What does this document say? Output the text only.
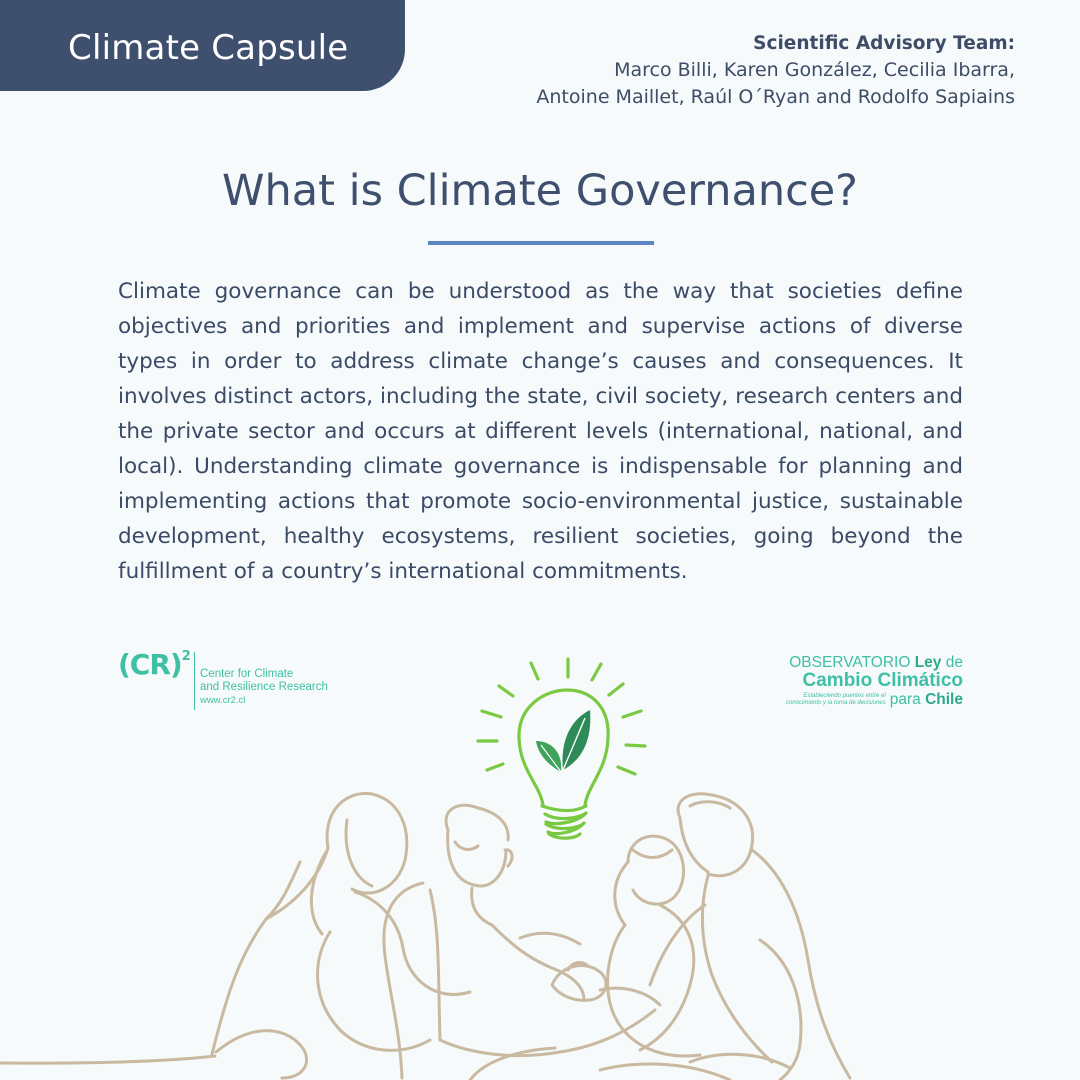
Climate Capsule	Scientific Advisory Team:
Marco Billi, Karen González, Cecilia Ibarra,
Antoine Maillet, Raúl O´Ryan and Rodolfo Sapiains
What is Climate Governance?

Climate governance can be understood as the way that societies define objectives and priorities and implement and supervise actions of diverse types in order to address climate change’s causes and consequences. It involves distinct actors, including the state, civil society, research centers and the private sector and occurs at different levels (international, national, and local). Understanding climate governance is indispensable for planning and implementing actions that promote socio-environmental justice, sustainable development, healthy ecosystems, resilient societies, going beyond the fulfillment of a country’s international commitments.

(CR)$^2$
Center for Climate
and Resilience Research
www.cr2.cl
OBSERVATORIO Ley de
Cambio Climático
Estableciendo puentes entre el
conocimiento y la toma de decisiones para Chile
